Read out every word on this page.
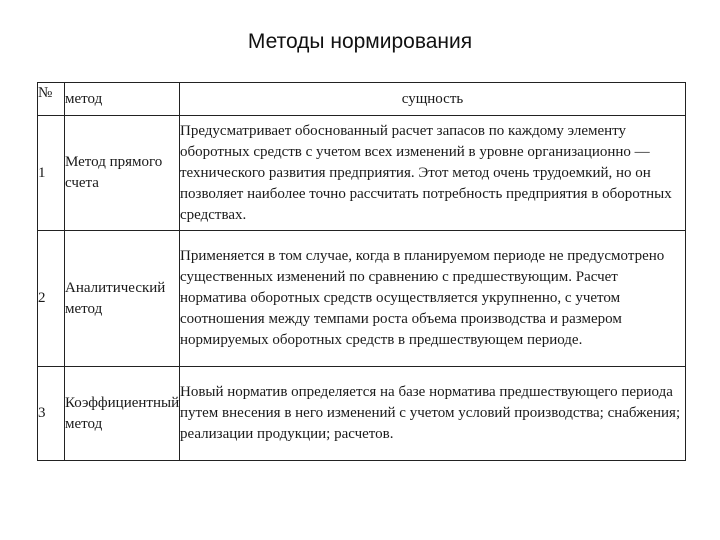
Методы нормирования
№	метод	сущность
1	Метод прямого счета	Предусматривает обоснованный расчет запасов по каждому элементу оборотных средств с учетом всех изменений в уровне организационно — технического развития предприятия. Этот метод очень трудоемкий, но он позволяет наиболее точно рассчитать потребность предприятия в оборотных средствах.
2	Аналитический метод	Применяется в том случае, когда в планируемом периоде не предусмотрено существенных изменений по сравнению с предшествующим. Расчет норматива оборотных средств осуществляется укрупненно, с учетом соотношения между темпами роста объема производства и размером нормируемых оборотных средств в предшествующем периоде.
3	Коэффициентный метод	Новый норматив определяется на базе норматива предшествующего периода путем внесения в него изменений с учетом условий производства; снабжения; реализации продукции; расчетов.
